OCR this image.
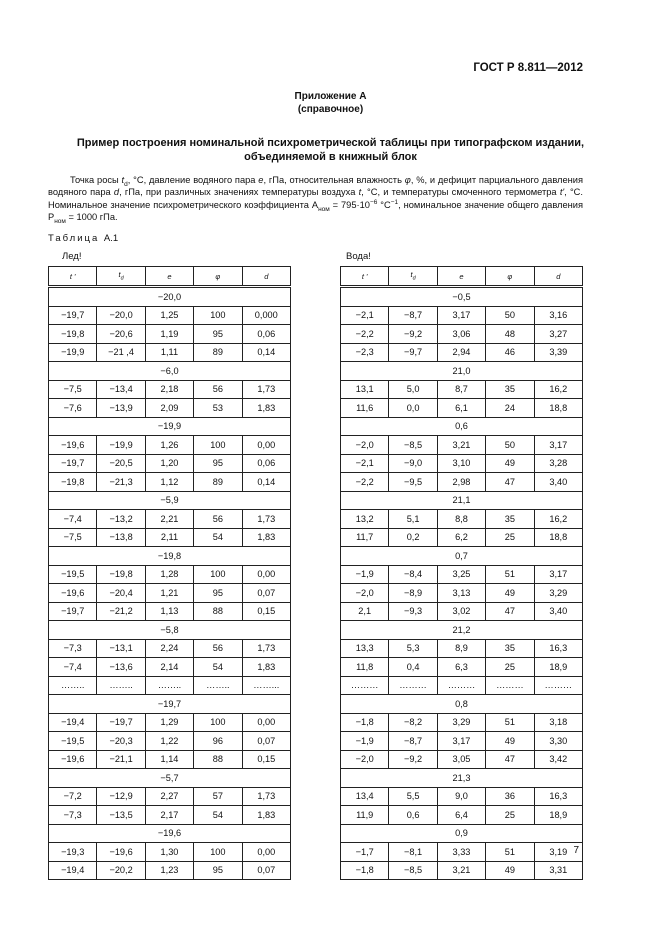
ГОСТ Р 8.811—2012
Приложение А
(справочное)
Пример построения номинальной психрометрической таблицы при типографском издании,
объединяемой в книжный блок
Точка росы $t_d$, °С, давление водяного пара e, гПа, относительная влажность φ, %, и дефицит парциального давления водяного пара d, гПа, при различных значениях температуры воздуха t, °С, и температуры смоченного термометра t', °С. Номинальное значение психрометрического коэффициента $А_{ном} = 795\cdot 10^{-6}$ $^\circ С^{-1}$, номинальное значение общего давления $Р_{ном} = 1000$ гПа.
Таблица А.1
Лед!	Вода!
t '	$t_d$	e	φ	d

−20,0				
−19,7	−20,0	1,25	100	0,000
−19,8	−20,6	1,19	95	0,06
−19,9	−21 ,4	1,11	89	0,14
−6,0				
−7,5	−13,4	2,18	56	1,73
−7,6	−13,9	2,09	53	1,83
−19,9				
−19,6	−19,9	1,26	100	0,00
−19,7	−20,5	1,20	95	0,06
−19,8	−21,3	1,12	89	0,14
−5,9				
−7,4	−13,2	2,21	56	1,73
−7,5	−13,8	2,11	54	1,83
−19,8				
−19,5	−19,8	1,28	100	0,00
−19,6	−20,4	1,21	95	0,07
−19,7	−21,2	1,13	88	0,15
−5,8				
−7,3	−13,1	2,24	56	1,73
−7,4	−13,6	2,14	54	1,83
……..	……..	……..	……..	……...
−19,7				
−19,4	−19,7	1,29	100	0,00
−19,5	−20,3	1,22	96	0,07
−19,6	−21,1	1,14	88	0,15
−5,7				
−7,2	−12,9	2,27	57	1,73
−7,3	−13,5	2,17	54	1,83
−19,6				
−19,3	−19,6	1,30	100	0,00
−19,4	−20,2	1,23	95	0,07
t '	$t_d$	e	φ	d

−0,5				
−2,1	−8,7	3,17	50	3,16
−2,2	−9,2	3,06	48	3,27
−2,3	−9,7	2,94	46	3,39
21,0				
13,1	5,0	8,7	35	16,2
11,6	0,0	6,1	24	18,8
0,6				
−2,0	−8,5	3,21	50	3,17
−2,1	−9,0	3,10	49	3,28
−2,2	−9,5	2,98	47	3,40
21,1				
13,2	5,1	8,8	35	16,2
11,7	0,2	6,2	25	18,8
0,7				
−1,9	−8,4	3,25	51	3,17
−2,0	−8,9	3,13	49	3,29
2,1	−9,3	3,02	47	3,40
21,2				
13,3	5,3	8,9	35	16,3
11,8	0,4	6,3	25	18,9
………	………	………	………	………
0,8				
−1,8	−8,2	3,29	51	3,18
−1,9	−8,7	3,17	49	3,30
−2,0	−9,2	3,05	47	3,42
21,3				
13,4	5,5	9,0	36	16,3
11,9	0,6	6,4	25	18,9
0,9				
−1,7	−8,1	3,33	51	3,19
−1,8	−8,5	3,21	49	3,31
7
